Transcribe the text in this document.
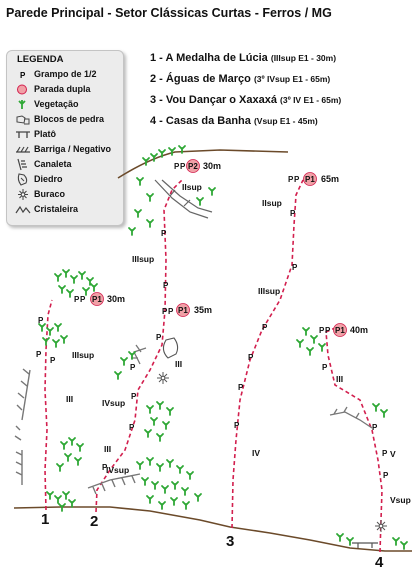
Parede Principal - Setor Clássicas Curtas - Ferros / MG
LEGENDA
P Grampo de 1/2
Parada dupla
Vegetação
Blocos de pedra
Platô
Barriga / Negativo
Canaleta
Diedro
Buraco
Cristaleira
1 - A Medalha de Lúcia (IIIsup E1 - 30m)
2 - Águas de Março (3º IVsup E1 - 65m)
3 - Vou Dançar o Xaxaxá (3º IV E1 - 65m)
4 - Casas da Banha (Vsup E1 - 45m)
P1 30m
P2 30m
P1 35m
P1 65m
P1 40m
P P
P
P
P
P P
P
P
P P
P
P
P
P
P
P P
P
P
P
P
P
P
P P
P
P
P
P
IIIsup
III
IIsup
IIIsup
III
IVsup
III
IVsup
IIsup
IIIsup
IV
III
V
Vsup
1	2
3
4
